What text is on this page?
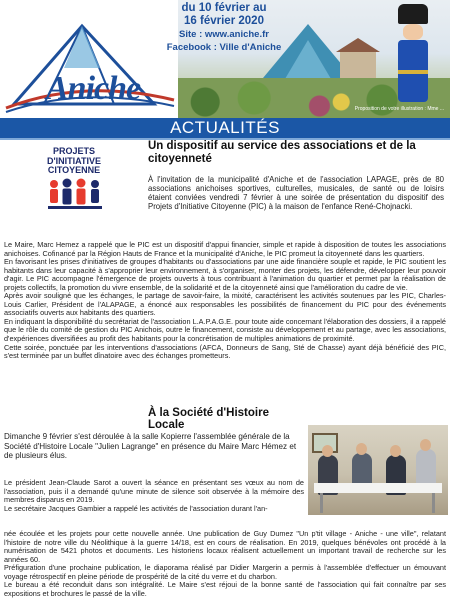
Proposition de votre illustration : Mme ...
Aniche
du 10 février au
16 février 2020
Site : www.aniche.fr
Facebook : Ville d'Aniche
ACTUALITÉS
PROJETS
D'INITIATIVE
CITOYENNE
Un dispositif au service des associations et de la citoyenneté
À l'invitation de la municipalité d'Aniche et de l'association LAPAGE, près de 80 associations anichoises sportives, culturelles, musicales, de santé ou de loisirs étaient conviées vendredi 7 février à une soirée de présentation du dispositif des Projets d'Initiative Citoyenne (PIC) à la maison de l'enfance René-Chojnacki.

Le Maire, Marc Hemez a rappelé que le PIC est un dispositif d'appui financier, simple et rapide à disposition de toutes les associations anichoises. Cofinancé par la Région Hauts de France et la municipalité d'Aniche, le PIC promeut la citoyenneté dans les quartiers.

En favorisant les prises d'initiatives de groupes d'habitants ou d'associations par une aide financière souple et rapide, le PIC soutient les habitants dans leur capacité à s'approprier leur environnement, à s'organiser, monter des projets, les défendre, développer leur pouvoir d'agir. Le PIC accompagne l'émergence de projets ouverts à tous contribuant à l'animation du quartier et permet par la réalisation de projets collectifs, la promotion du vivre ensemble, de la solidarité et de la citoyenneté ainsi que l'amélioration du cadre de vie.

Après avoir souligné que les échanges, le partage de savoir-faire, la mixité, caractérisent les activités soutenues par les PIC, Charles-Louis Carlier, Président de l'ALAPAGE, a énoncé aux responsables les possibilités de financement du PIC pour des événements associatifs ouverts aux habitants des quartiers.

En indiquant la disponibilité du secrétariat de l'association L.A.P.A.G.E. pour toute aide concernant l'élaboration des dossiers, il a rappelé que le rôle du comité de gestion du PIC Anichois, outre le financement, consiste au développement et au partage, avec les associations, d'expériences diversifiées au profit des habitants pour la concrétisation de multiples animations de proximité.

Cette soirée, ponctuée par les interventions d'associations (AFCA, Donneurs de Sang, Sté de Chasse) ayant déjà bénéficié des PIC, s'est terminée par un buffet dînatoire avec des échanges prometteurs.

À la Société d'Histoire Locale
Dimanche 9 février s'est déroulée à la salle Kopierre l'assemblée générale de la Société d'Histoire Locale "Julien Lagrange" en présence du Maire Marc Hémez et de plusieurs élus.

Le président Jean-Claude Sarot a ouvert la séance en présentant ses vœux au nom de l'association, puis il a demandé qu'une minute de silence soit observée à la mémoire des membres disparus en 2019.

Le secrétaire Jacques Gambier a rappelé les activités de l'association durant l'an-

née écoulée et les projets pour cette nouvelle année. Une publication de Guy Dumez "Un p'tit village - Aniche - une ville", relatant l'histoire de notre ville du Néolithique à la guerre 14/18, est en cours de réalisation. En 2019, quelques bénévoles ont procédé à la numérisation de 5421 photos et documents. Les historiens locaux réalisent actuellement un important travail de recherche sur les années 60.

Préfiguration d'une prochaine publication, le diaporama réalisé par Didier Margerin a permis à l'assemblée d'effectuer un émouvant voyage rétrospectif en pleine période de prospérité de la cité du verre et du charbon.

Le bureau a été reconduit dans son intégralité. Le Maire s'est réjoui de la bonne santé de l'association qui fait connaître par ses expositions et brochures le passé de la ville.
